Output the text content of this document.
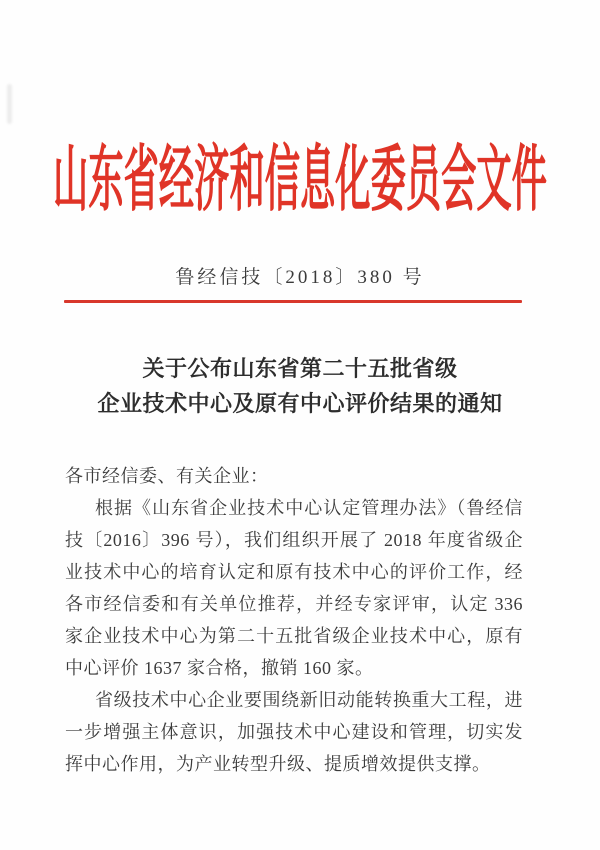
山东省经济和信息化委员会文件
鲁经信技〔2018〕380 号
关于公布山东省第二十五批省级
企业技术中心及原有中心评价结果的通知

各市经信委、有关企业：

根据《山东省企业技术中心认定管理办法》（鲁经信技〔2016〕396 号），我们组织开展了 2018 年度省级企业技术中心的培育认定和原有技术中心的评价工作，经各市经信委和有关单位推荐，并经专家评审，认定 336 家企业技术中心为第二十五批省级企业技术中心，原有中心评价 1637 家合格，撤销 160 家。

省级技术中心企业要围绕新旧动能转换重大工程，进一步增强主体意识，加强技术中心建设和管理，切实发挥中心作用，为产业转型升级、提质增效提供支撑。
